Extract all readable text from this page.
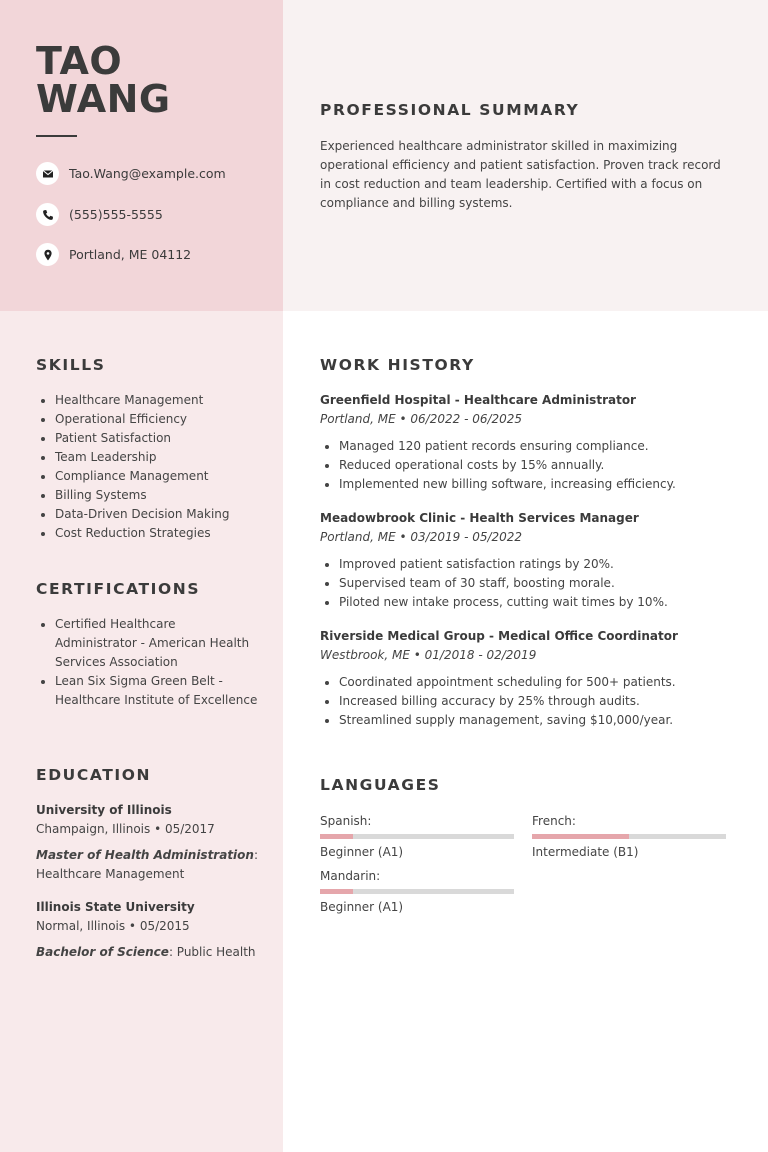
TAO
WANG
Tao.Wang@example.com
(555)555-5555
Portland, ME 04112
PROFESSIONAL SUMMARY
Experienced healthcare administrator skilled in maximizing operational efficiency and patient satisfaction. Proven track record in cost reduction and team leadership. Certified with a focus on compliance and billing systems.
SKILLS
• Healthcare Management
• Operational Efficiency
• Patient Satisfaction
• Team Leadership
• Compliance Management
• Billing Systems
• Data-Driven Decision Making
• Cost Reduction Strategies
CERTIFICATIONS
• Certified Healthcare Administrator - American Health Services Association
• Lean Six Sigma Green Belt - Healthcare Institute of Excellence
EDUCATION
University of Illinois
Champaign, Illinois • 05/2017
Master of Health Administration:
Healthcare Management
Illinois State University
Normal, Illinois • 05/2015
Bachelor of Science: Public Health
WORK HISTORY
Greenfield Hospital - Healthcare Administrator
Portland, ME • 06/2022 - 06/2025
• Managed 120 patient records ensuring compliance.
• Reduced operational costs by 15% annually.
• Implemented new billing software, increasing efficiency.
Meadowbrook Clinic - Health Services Manager
Portland, ME • 03/2019 - 05/2022
• Improved patient satisfaction ratings by 20%.
• Supervised team of 30 staff, boosting morale.
• Piloted new intake process, cutting wait times by 10%.
Riverside Medical Group - Medical Office Coordinator
Westbrook, ME • 01/2018 - 02/2019
• Coordinated appointment scheduling for 500+ patients.
• Increased billing accuracy by 25% through audits.
• Streamlined supply management, saving $10,000/year.
LANGUAGES
Spanish:
Beginner (A1)
French:
Intermediate (B1)
Mandarin:
Beginner (A1)
